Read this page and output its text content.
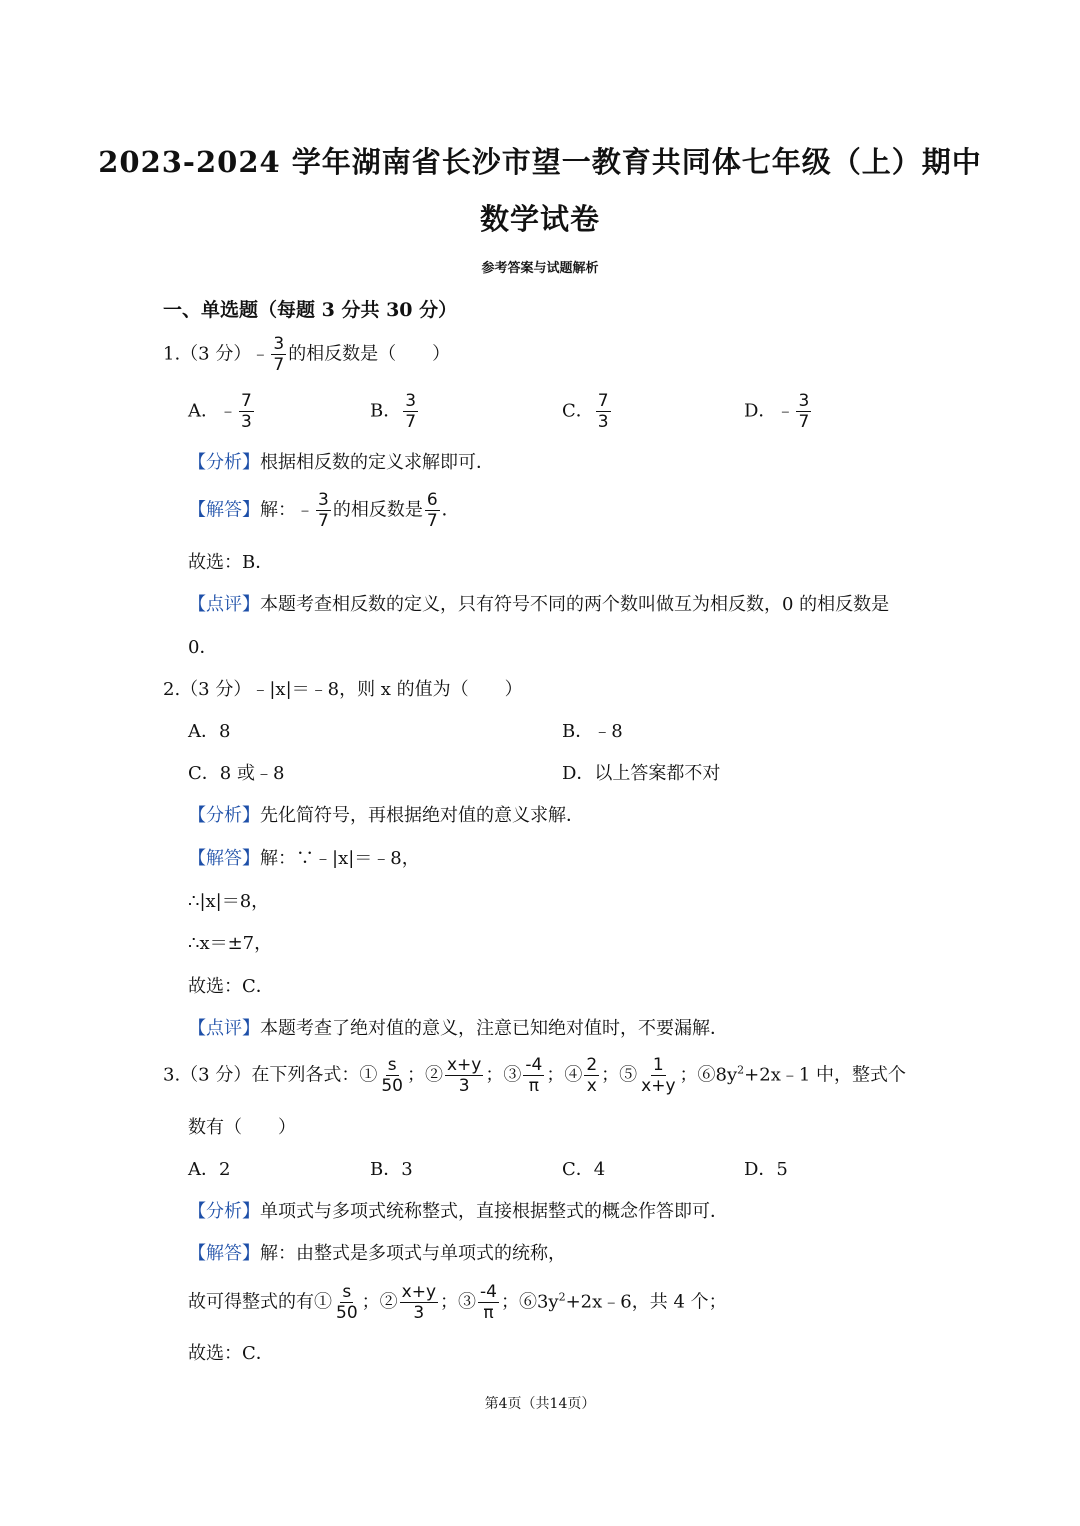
2023-2024 学年湖南省长沙市望一教育共同体七年级（上）期中
数学试卷
参考答案与试题解析
一、单选题（每题 3 分共 30 分）
1.（3 分）﹣ $\frac{3}{7}$ 的相反数是（　　）
A．﹣ $\frac{7}{3}$	B． $\frac{3}{7}$	C． $\frac{7}{3}$	D．﹣ $\frac{3}{7}$
【分析】根据相反数的定义求解即可．
【解答】解：﹣ $\frac{3}{7}$ 的相反数是 $\frac{6}{7}$ ．
故选：B．
【点评】本题考查相反数的定义，只有符号不同的两个数叫做互为相反数，0 的相反数是
0．
2.（3 分）﹣|x|＝﹣8，则 x 的值为（　　）
A．8	B．﹣8
C．8 或﹣8	D．以上答案都不对
【分析】先化简符号，再根据绝对值的意义求解．
【解答】解：∵﹣|x|＝﹣8，
∴|x|＝8，
∴x＝±7，
故选：C．
【点评】本题考查了绝对值的意义，注意已知绝对值时，不要漏解．
3.（3 分）在下列各式：① $\frac{s}{50}$ ；② $\frac{x+y}{3}$ ；③ $\frac{-4}{\pi}$ ；④ $\frac{2}{x}$ ；⑤ $\frac{1}{x+y}$ ；$⑥8y^2+2x﹣1$ 中，整式个
数有（　　）
A．2	B．3	C．4	D．5
【分析】单项式与多项式统称整式，直接根据整式的概念作答即可．
【解答】解：由整式是多项式与单项式的统称，
故可得整式的有① $\frac{s}{50}$ ；② $\frac{x+y}{3}$ ；③ $\frac{-4}{\pi}$ ；$⑥3y^2+2x﹣6$，共 4 个；
故选：C．
第4页（共14页）
